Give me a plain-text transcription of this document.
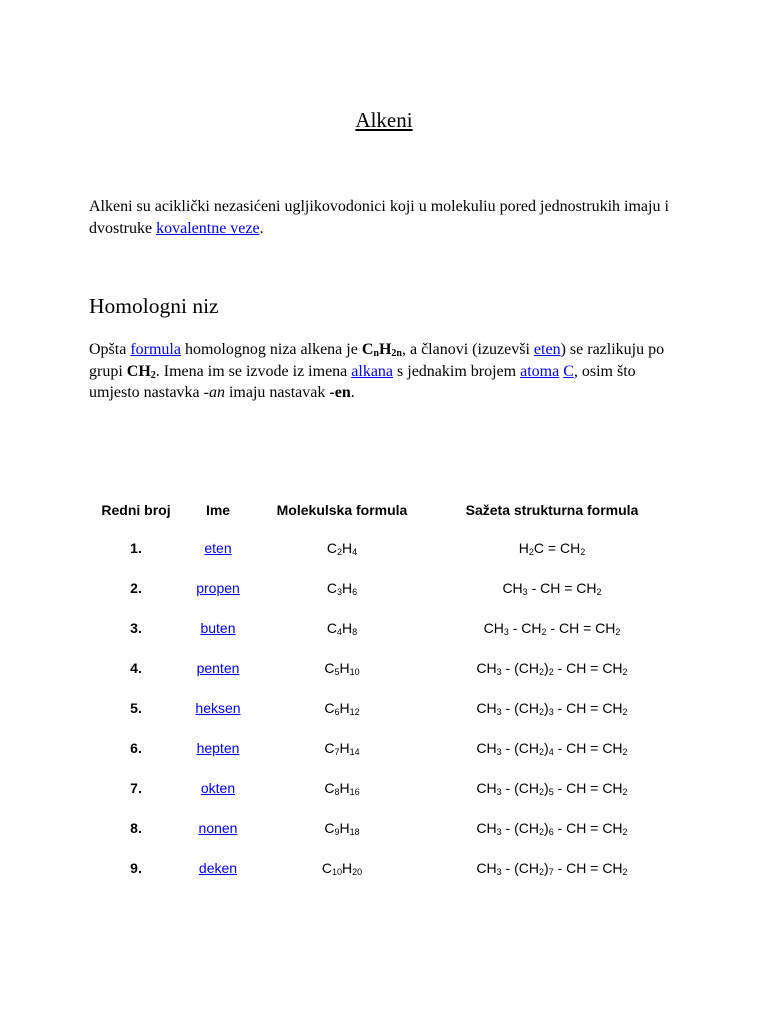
Alkeni
Alkeni su aciklički nezasićeni ugljikovodonici koji u molekuliu pored jednostrukih imaju i dvostruke kovalentne veze.
Homologni niz
Opšta formula homolognog niza alkena je $C_nH_{2n}$, a članovi (izuzevši eten) se razlikuju po grupi $CH_2$. Imena im se izvode iz imena alkana s jednakim brojem atoma C, osim što umjesto nastavka -an imaju nastavak -en.
Redni broj	Ime	Molekulska formula	Sažeta strukturna formula
1.	eten	$C_2H_4$	$H_2C = CH_2$
2.	propen	$C_3H_6$	$CH_3$ - CH = $CH_2$
3.	buten	$C_4H_8$	$CH_3 - CH_2$ - CH = $CH_2$
4.	penten	$C_5H_{10}$	$CH_3 - (CH_2)_2$ - CH = $CH_2$
5.	heksen	$C_6H_{12}$	$CH_3 - (CH_2)_3$ - CH = $CH_2$
6.	hepten	$C_7H_{14}$	$CH_3 - (CH_2)_4$ - CH = $CH_2$
7.	okten	$C_8H_{16}$	$CH_3 - (CH_2)_5$ - CH = $CH_2$
8.	nonen	$C_9H_{18}$	$CH_3 - (CH_2)_6$ - CH = $CH_2$
9.	deken	$C_{10}H_{20}$	$CH_3 - (CH_2)_7$ - CH = $CH_2$
